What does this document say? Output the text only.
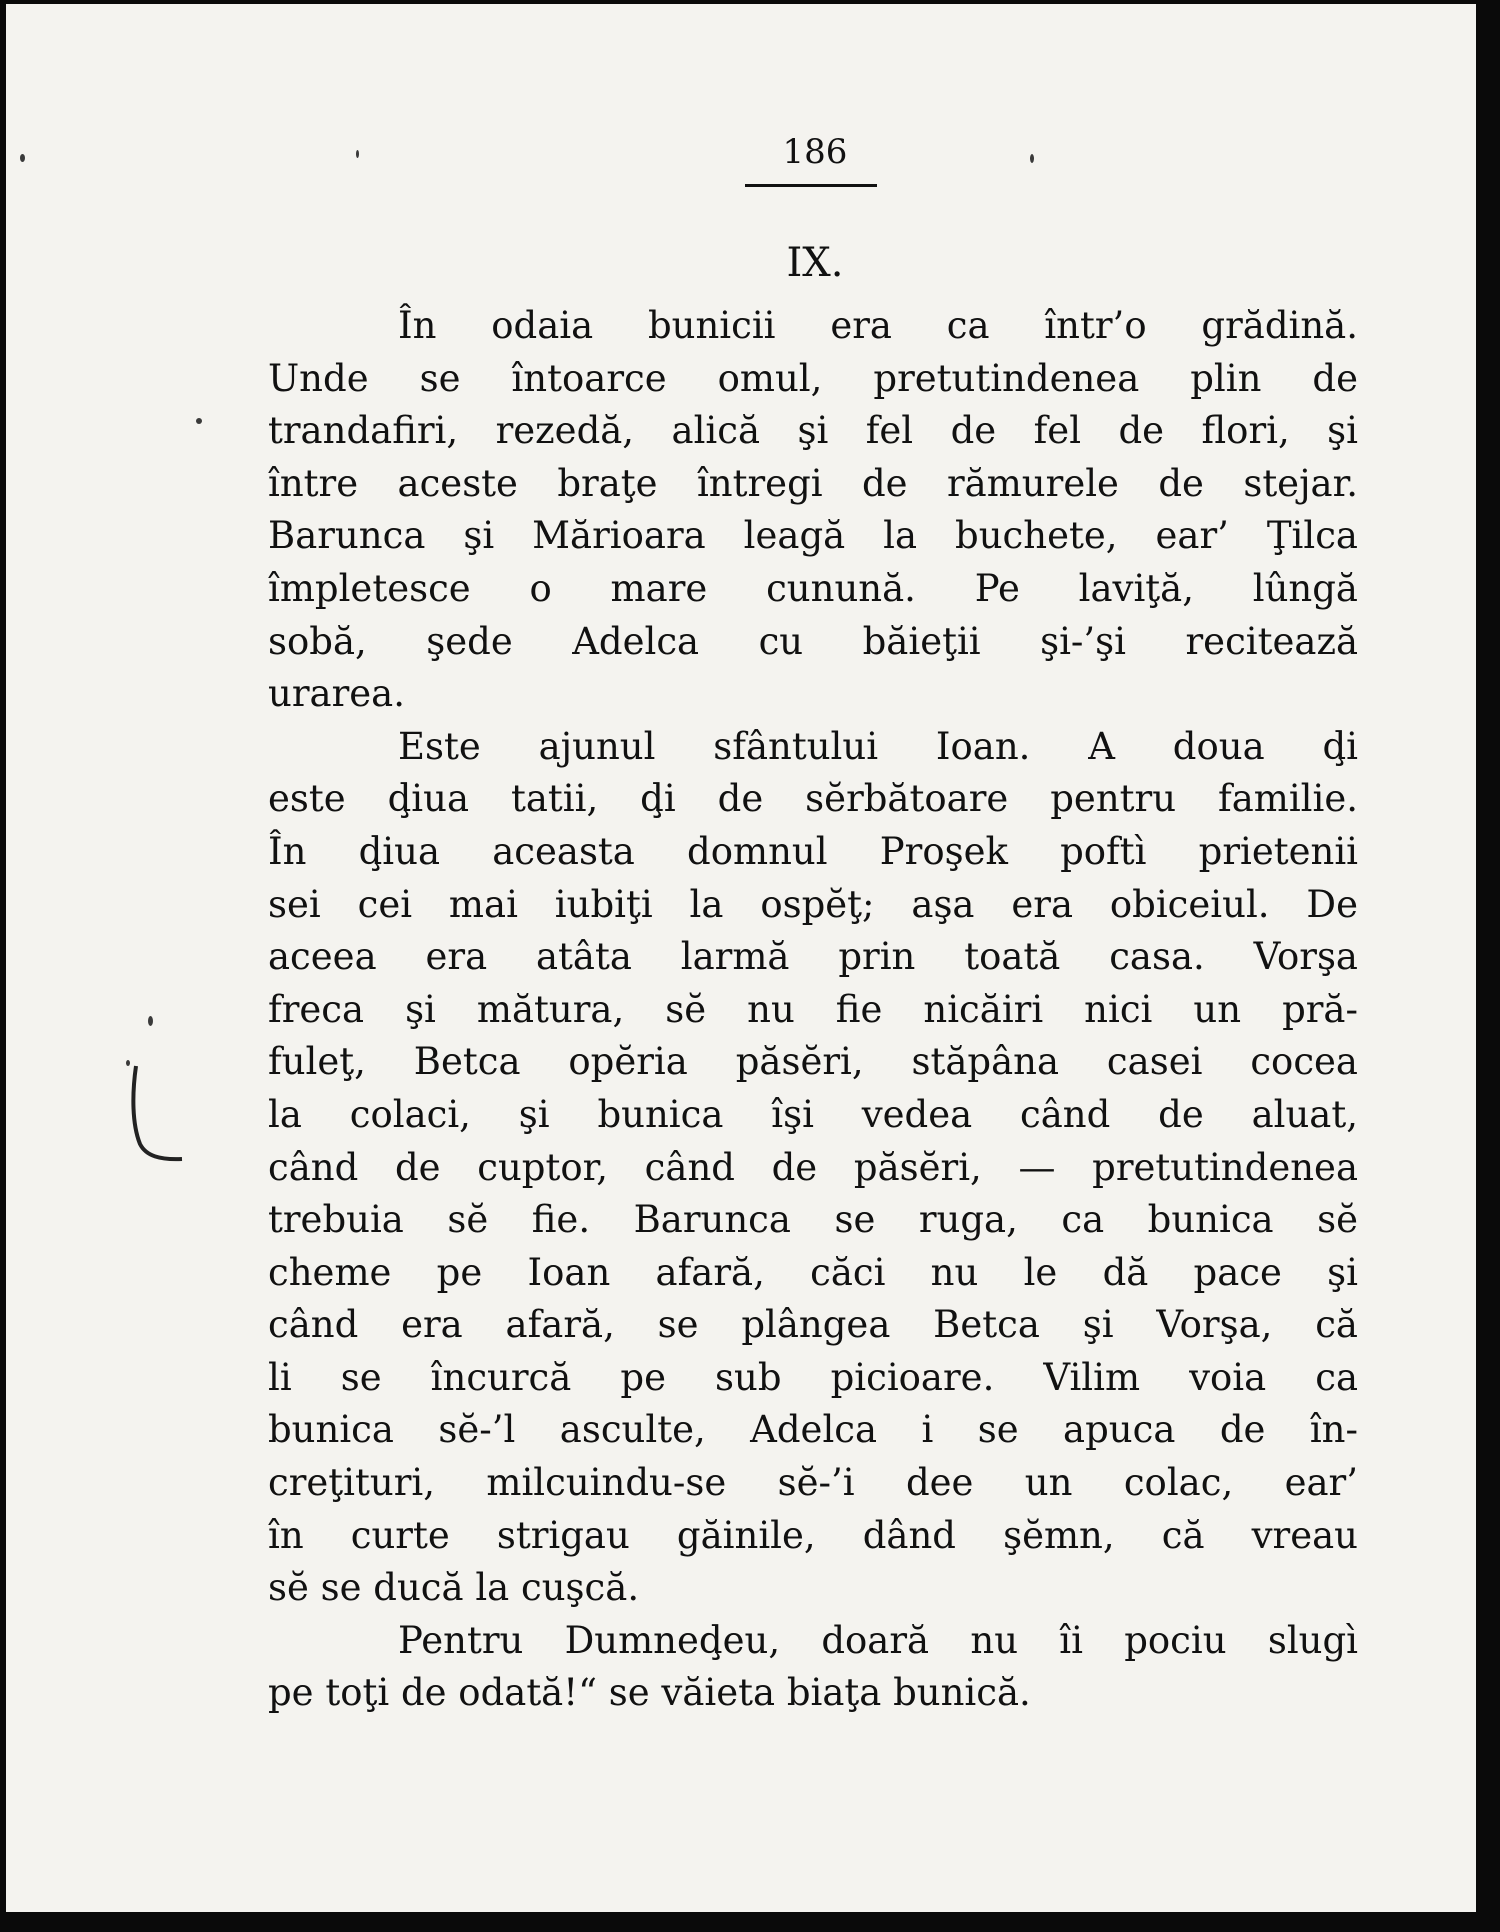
186
IX.
În odaia bunicii era ca într’o grădină.
Unde se întoarce omul, pretutindenea plin de
trandafiri, rezedă, alică şi fel de fel de flori, şi
între aceste braţe întregi de rămurele de stejar.
Barunca şi Mărioara leagă la buchete, ear’ Ţilca
împletesce o mare cunună. Pe laviţă, lûngă
sobă, şede Adelca cu băieţii şi-’şi recitează
urarea.
Este ajunul sfântului Ioan. A doua ḑi
este ḑiua tatii, ḑi de sĕrbătoare pentru familie.
În ḑiua aceasta domnul Proşek poftì prietenii
sei cei mai iubiţi la ospĕţ; aşa era obiceiul. De
aceea era atâta larmă prin toată casa. Vorşa
freca şi mătura, sĕ nu fie nicăiri nici un pră-
fuleţ, Betca opĕria păsĕri, stăpâna casei cocea
la colaci, şi bunica îşi vedea când de aluat,
când de cuptor, când de păsĕri, — pretutindenea
trebuia sĕ fie. Barunca se ruga, ca bunica sĕ
cheme pe Ioan afară, căci nu le dă pace şi
când era afară, se plângea Betca şi Vorşa, că
li se încurcă pe sub picioare. Vilim voia ca
bunica sĕ-’l asculte, Adelca i se apuca de în-
creţituri, milcuindu-se sĕ-’i dee un colac, ear’
în curte strigau găinile, dând şĕmn, că vreau
sĕ se ducă la cuşcă.
Pentru Dumneḑeu, doară nu îi pociu slugì
pe toţi de odată!“ se văieta biaţa bunică.
